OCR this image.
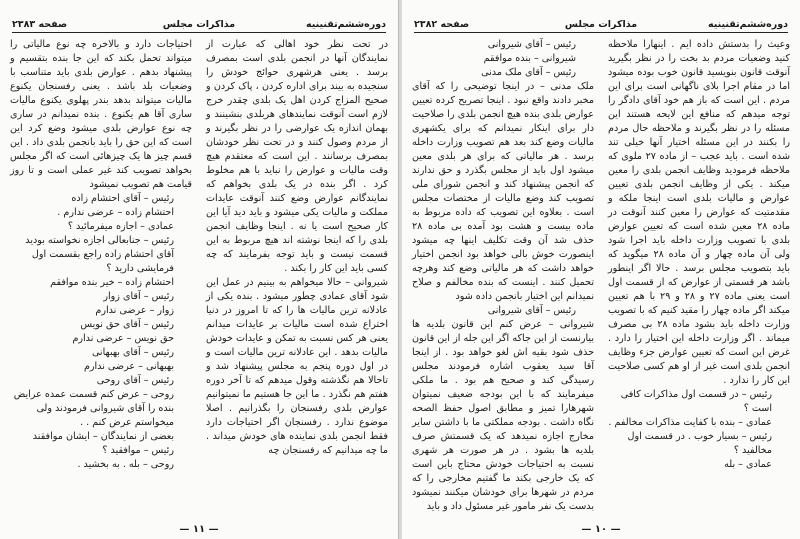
دوره‌ششم‌تقنینیه
مذاکرات مجلس
صفحه ۲۳۸۳

در تحت نظر خود اهالی که عبارت از نمایندگان آنها در انجمن بلدی است بمصرف برسد . یعنی هرشهری حوائج خودش را سنجیده به بیند برای اداره کردن ، پاک کردن و صحیح المزاج کردن اهل یک بلدی چقدر خرج لازم است آنوقت نمایندهای هربلدی بنشینند و بهمان اندازه یک عوارضی را در نظر بگیرند و از مردم وصول کنند و در تحت نظر خودشان بمصرف برسانند . این است که معتقدم هیچ وقت مالیات و عوارض را نباید با هم مخلوط کرد . اگر بنده در یک بلدی بخواهم که نمایندگانم عوارض وضع کنند آنوقت عایدات مملکت و مالیات یکی میشود و باید دید آیا این کار صحیح است یا نه . اینجا وظایف انجمن بلدی را که اینجا نوشته اند هیچ مربوط به این قسمت نیست و باید توجه بفرمایند که چه کسی باید این کار را بکند .

شیروانی – حالا میخواهم به بینیم در عمل این شود آقای عمادی چطور میشود . بنده یکی از عادلانه ترین مالیات ها را که تا امروز در دنیا اختراع شده است مالیات بر عایدات میدانم یعنی هر کس نسبت به تمکن و عایدات خودش مالیات بدهد . این عادلانه ترین مالیات است و در اول دوره پنجم به مجلس پیشنهاد شد و تاحالا هم نگذشته وقول میدهم که تا آخر دوره هفتم هم نگذرد . ما این جا هستیم ما نمیتوانیم عوارض بلدی رفسنجان را بگذرانیم . اصلا موضوع ندارد . رفسنجان اگر احتیاجات دارد فقط انجمن بلدی نماینده های خودش میداند . ما چه میدانیم که رفسنجان چه

احتیاجات دارد و بالاخره چه نوع مالیاتی را میتواند تحمل بکند که این جا بنده بتقسیم و پیشنهاد بدهم . عوارض بلدی باید متناسب با وضعیات بلد باشد . یعنی رفسنجان یکنوع مالیات میتواند بدهد بندر پهلوی یکنوع مالیات ساری آقا هم یکنوع . بنده نمیدانم در ساری چه نوع عوارض بلدی میشود وضع کرد این است که این حق را باید بانجمن بلدی داد . این قسم چیز ها یک چیزهائی است که اگر مجلس بخواهد تصویب کند غیر عملی است و تا روز قیامت هم تصویب نمیشود

رئیس – آقای احتشام زاده

احتشام زاده – عرضی ندارم .

عمادی – اجازه میفرمائید ؟

رئیس – جنابعالی اجازه نخواسته بودید آقای احتشام زاده راجع بقسمت اول فرمایشی دارید ؟

احتشام زاده – خیر بنده موافقم

رئیس – آقای زوار

زوار – عرضی ندارم

رئیس – آقای حق نویس

حق نویس – عرضی ندارم

رئیس – آقای بهبهانی

بهبهانی – عرضی ندارم

رئیس – آقای روحی

روحی – عرض کنم قسمت عمده عرایض بنده را آقای شیروانی فرمودند ولی میخواستم عرض کنم . .

بعضی از نمایندگان – ایشان موافقند

رئیس – موافقید ؟

روحی – بله . به بخشید .

— ۱۱ —
دوره‌ششم‌تقنینیه
مذاکرات مجلس
صفحه ۲۳۸۲

وعیث را بدستش داده ایم . اینهارا ملاحظه کنید وضعیات مردم بد بخت را در نظر بگیرید آنوقت قانون بنویسید قانون خوب بوده میشود اما در مقام اجرا بلای ناگهانی است برای این مردم . این است که باز هم خود آقای دادگر را توجه میدهم که منافع این لایحه هستند این مسئله را در نظر بگیرند و ملاحظه حال مردم را بکنند در این مسئله اختیار آنها خیلی تند شده است . باید عجب – از ماده ۲۷ ملوی که ملاحظه فرمودید وظایف انجمن بلدی را معین میکند . یکی از وظایف انجمن بلدی تعیین عوارض و مالیات بلدی است اینجا ملکه و مقدمتیت که عوارض را معین کنند آنوقت در ماده ۲۸ معین شده است که تعیین عوارض بلدی با تصویب وزارت داخله باید اجرا شود ولی آن ماده چهار و آن ماده ۲۸ میگوید که باید بتصویب مجلس برسد . حالا اگر اینطور باشد هر قسمتی از عوارض که از قسمت اول است یعنی ماده ۲۷ و ۲۸ و ۲۹ با هم تعیین میکند اگر ماده چهار را مقید کنیم که با تصویب وزارت داخله باید بشود ماده ۲۸ بی مصرف میماند . اگر وزارت داخله این اختیار را دارد . غرض این است که تعیین عوارض جزء وظایف انجمن بلدی است غیر از او هم کسی صلاحیت این کار را ندارد .

رئیس – در قسمت اول مذاکرات کافی است ؟

عمادی – بنده با کفایت مذاکرات مخالفم .

رئیس – بسیار خوب . در قسمت اول مخالفید ؟

عمادی – بله

رئیس – آقای شیروانی

شیروانی – بنده موافقم

رئیس – آقای ملک مدنی

ملک مدنی – در اینجا توضیحی را که آقای مخبر دادند واقع نبود . اینجا تصریح کرده تعیین عوارض بلدی بنده هیچ انجمن بلدی را صلاحیت دار برای اینکار نمیدانم که برای یکشهری مالیات وضع کند بعد هم تصویب وزارت داخله برسد . هر مالیاتی که برای هر بلدی معین میشود اول باید از مجلس بگذرد و حق ندارند که انجمن پیشنهاد کند و انجمن شورای ملی تصویب کند وضع مالیات از مختصات مجلس است . بعلاوه این تصویب که داده مربوط به ماده بیست و هشت بود آمده بی ماده ۲۸ حذف شد آن وقت تکلیف اینها چه میشود اینصورت خوش بالی خواهد بود انجمن اختیار خواهد داشت که هر مالیاتی وضع کند وهرچه تحمیل کنند . اینست که بنده مخالفم و صلاح نمیدانم این اختیار بانجمن داده شود

رئیس – آقای شیروانی

شیروانی – عرض کنم این قانون بلدیه ها بیارنست از این جاکه اگر این جله از این قانون حذف شود بقیه اش لغو خواهد بود . از اینجا آقا سید یعقوب اشاره فرمودند مجلس رسیدگی کند و صحیح هم بود . ما ملکی میفرمایند که با این بودجه ضعیف نمیتوان شهرهارا تمیز و مطابق اصول حفظ الصحه نگاه داشت . بودجه مملکتی ما با داشتن سایر مخارج اجازه نمیدهد که یک قسمتش صرف بلدیه ها بشود . در هر صورت هر شهری نسبت به احتیاجات خودش محتاج باین است که یک خارجی بکند ما گفتیم مخارجی را که مردم در شهرها برای خودشان میکنند نمیشود بدست یک نفر مامور غیر مسئول داد و باید

— ۱۰ —
